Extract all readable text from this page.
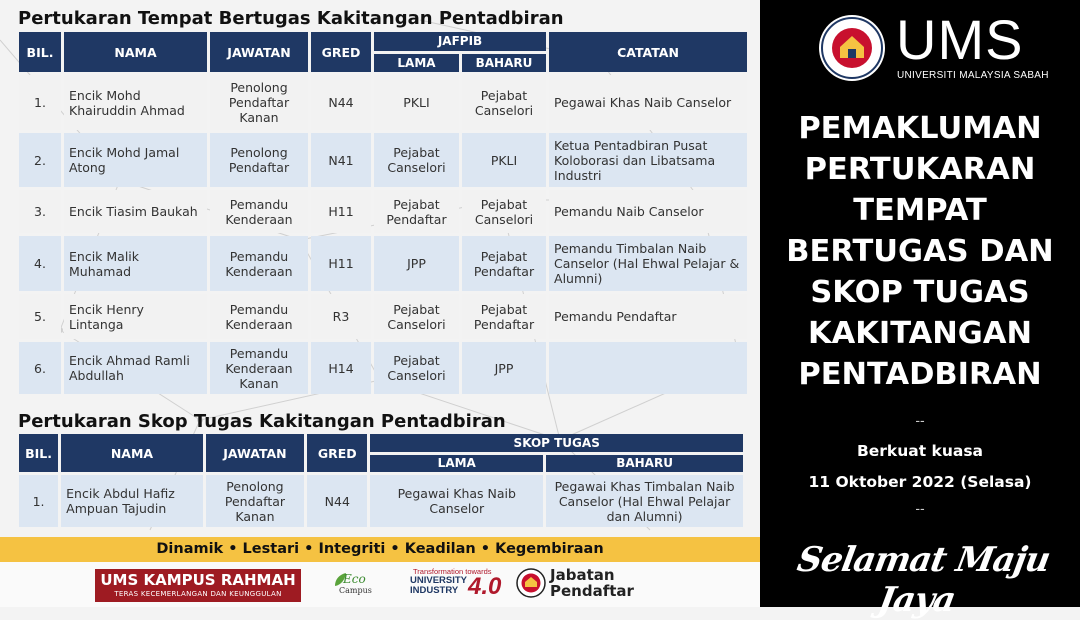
Pertukaran Tempat Bertugas Kakitangan Pentadbiran
BIL.	NAMA	JAWATAN	GRED	JAFPIB		CATATAN
				LAMA	BAHARU	
1.	Encik Mohd Khairuddin Ahmad	Penolong Pendaftar Kanan	N44	PKLI	Pejabat Canselori	Pegawai Khas Naib Canselor
2.	Encik Mohd Jamal Atong	Penolong Pendaftar	N41	Pejabat Canselori	PKLI	Ketua Pentadbiran Pusat Koloborasi dan Libatsama Industri
3.	Encik Tiasim Baukah	Pemandu Kenderaan	H11	Pejabat Pendaftar	Pejabat Canselori	Pemandu Naib Canselor
4.	Encik Malik Muhamad	Pemandu Kenderaan	H11	JPP	Pejabat Pendaftar	Pemandu Timbalan Naib Canselor (Hal Ehwal Pelajar & Alumni)
5.	Encik Henry Lintanga	Pemandu Kenderaan	R3	Pejabat Canselori	Pejabat Pendaftar	Pemandu Pendaftar
6.	Encik Ahmad Ramli Abdullah	Pemandu Kenderaan Kanan	H14	Pejabat Canselori	JPP	
Pertukaran Skop Tugas Kakitangan Pentadbiran
BIL.	NAMA	JAWATAN	GRED	SKOP TUGAS	
				LAMA	BAHARU
1.	Encik Abdul Hafiz Ampuan Tajudin	Penolong Pendaftar Kanan	N44	Pegawai Khas Naib Canselor	Pegawai Khas Timbalan Naib Canselor (Hal Ehwal Pelajar dan Alumni)
Dinamik • Lestari • Integriti • Keadilan • Kegembiraan
UMS KAMPUS RAHMAH
TERAS KECEMERLANGAN DAN KEUNGGULAN
Eco
Campus
Transformation towards
UNIVERSITY
INDUSTRY 4.0	Jabatan
Pendaftar
UMS
UNIVERSITI MALAYSIA SABAH
PEMAKLUMAN
PERTUKARAN
TEMPAT
BERTUGAS DAN
SKOP TUGAS
KAKITANGAN
PENTADBIRAN
--
Berkuat kuasa
11 Oktober 2022 (Selasa)
--
Selamat Maju Jaya
